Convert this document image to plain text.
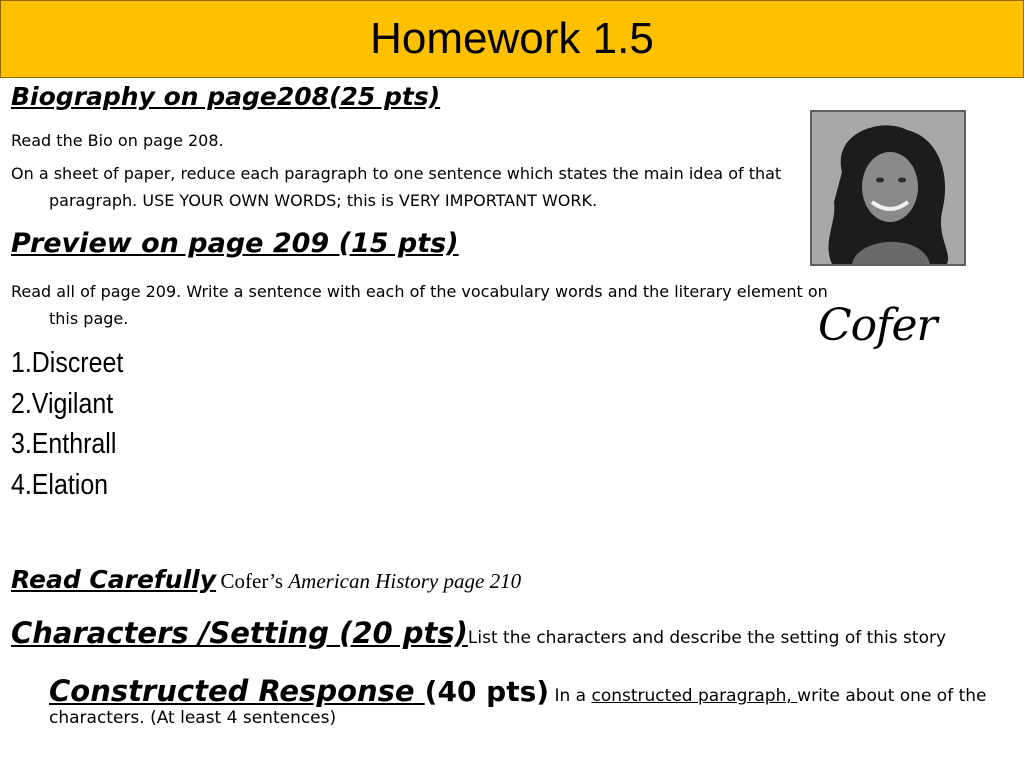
Homework 1.5
Biography on page208(25 pts)
Read the Bio on page 208.
On a sheet of paper, reduce each paragraph to one sentence which states the main idea of that paragraph. USE YOUR OWN WORDS; this is VERY IMPORTANT WORK.
Preview on page 209 (15 pts)
Read all of page 209. Write a sentence with each of the vocabulary words and the literary element on this page.
1.Discreet
2.Vigilant
3.Enthrall
4.Elation
Cofer
Read Carefully Cofer’s American History page 210
Characters /Setting (20 pts)List the characters and describe the setting of this story
Constructed Response (40 pts) In a constructed paragraph, write about one of the characters. (At least 4 sentences)
